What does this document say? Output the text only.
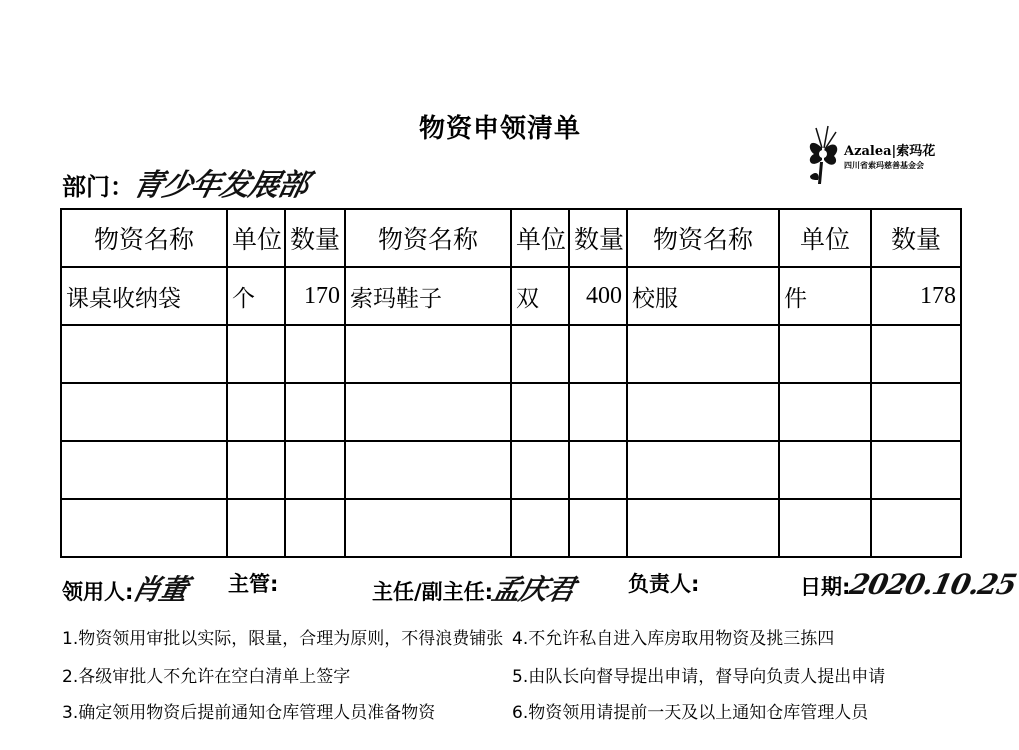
物资申领清单
Azalea|索玛花
四川省索玛慈善基金会
部门：青少年发展部
物资名称	单位	数量	物资名称	单位	数量	物资名称	单位	数量
课桌收纳袋	个	170	索玛鞋子	双	400	校服	件	178

领用人:肖董 主管:	主任/副主任:孟庆君 负责人:	日期:2020.10.25
1.物资领用审批以实际，限量，合理为原则，不得浪费铺张
2.各级审批人不允许在空白清单上签字
3.确定领用物资后提前通知仓库管理人员准备物资
4.不允许私自进入库房取用物资及挑三拣四
5.由队长向督导提出申请，督导向负责人提出申请
6.物资领用请提前一天及以上通知仓库管理人员
